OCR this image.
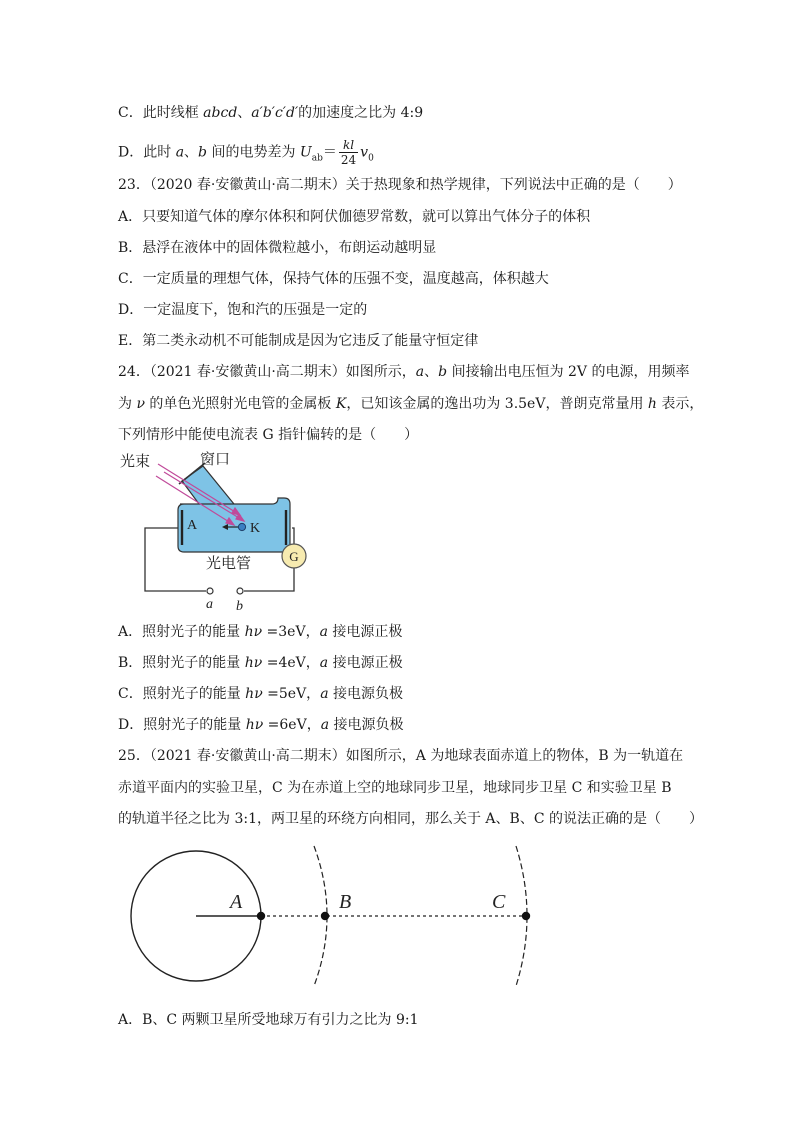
C．此时线框 abcd、a′b′c′d′的加速度之比为 4:9
D．此时 a、b 间的电势差为 $U_{ab}= \frac{kl}{24} v_0$
23．（2020 春·安徽黄山·高二期末）关于热现象和热学规律，下列说法中正确的是（　　）
A．只要知道气体的摩尔体积和阿伏伽德罗常数，就可以算出气体分子的体积
B．悬浮在液体中的固体微粒越小，布朗运动越明显
C．一定质量的理想气体，保持气体的压强不变，温度越高，体积越大
D．一定温度下，饱和汽的压强是一定的
E．第二类永动机不可能制成是因为它违反了能量守恒定律
24．（2021 春·安徽黄山·高二期末）如图所示，a、b 间接输出电压恒为 2V 的电源，用频率
为 ν 的单色光照射光电管的金属板 K，已知该金属的逸出功为 3.5eV，普朗克常量用 h 表示，
下列情形中能使电流表 G 指针偏转的是（　　）
G
光束	窗口
A	K
光电管
a b
A．照射光子的能量 hν =3eV，a 接电源正极
B．照射光子的能量 hν =4eV，a 接电源正极
C．照射光子的能量 hν =5eV，a 接电源负极
D．照射光子的能量 hν =6eV，a 接电源负极
25．（2021 春·安徽黄山·高二期末）如图所示，A 为地球表面赤道上的物体，B 为一轨道在
赤道平面内的实验卫星，C 为在赤道上空的地球同步卫星，地球同步卫星 C 和实验卫星 B
的轨道半径之比为 3:1，两卫星的环绕方向相同，那么关于 A、B、C 的说法正确的是（　　）
A	B	C
A．B、C 两颗卫星所受地球万有引力之比为 9:1
